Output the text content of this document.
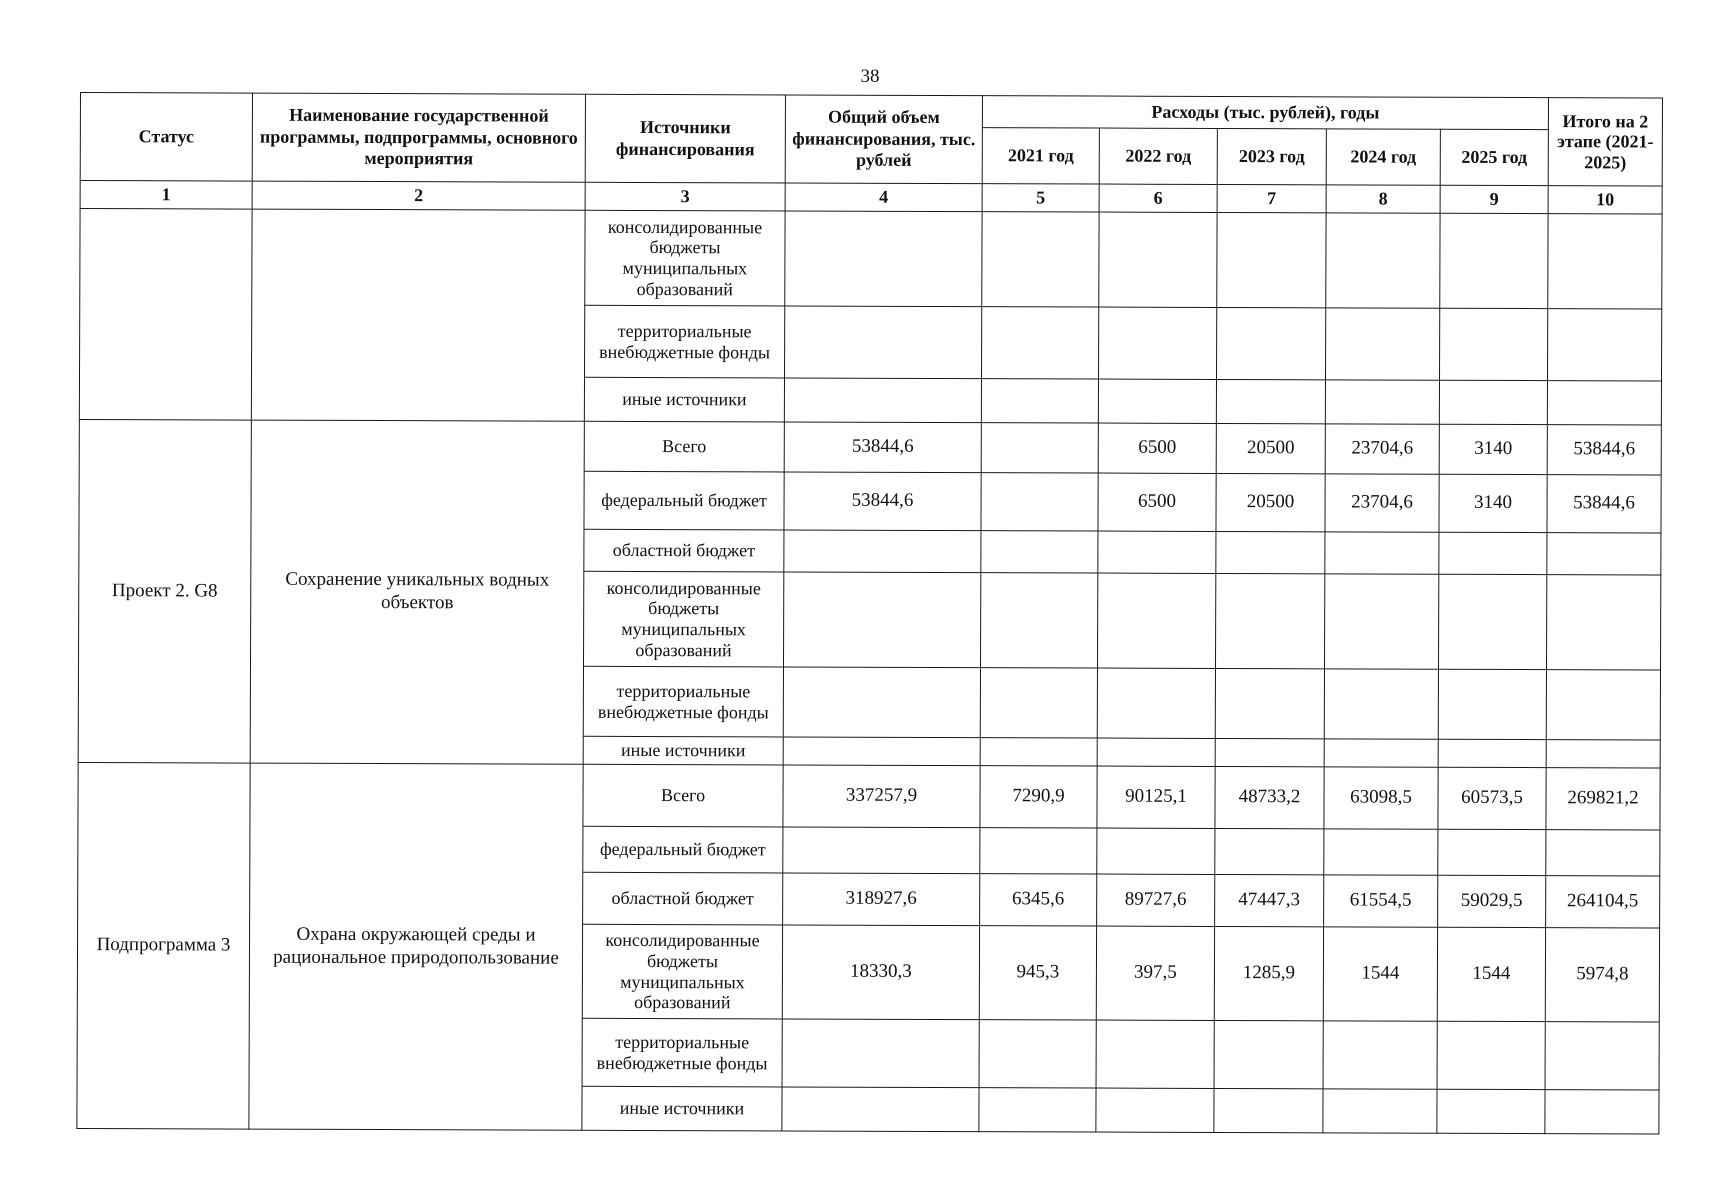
38
Статус	Наименование государственной программы, подпрограммы, основного мероприятия	Источники финансирования	Общий объем финансирования, тыс. рублей	Расходы (тыс. рублей), годы					Итого на 2 этапе (2021-2025)
				2021 год	2022 год	2023 год	2024 год	2025 год	
1	2	3	4	5	6	7	8	9	10
		консолидированные бюджеты муниципальных образований							
		территориальные внебюджетные фонды							
		иные источники							
Проект 2. G8	Сохранение уникальных водных объектов	Всего	53844,6		6500	20500	23704,6	3140	53844,6
		федеральный бюджет	53844,6		6500	20500	23704,6	3140	53844,6
		областной бюджет							
		консолидированные бюджеты муниципальных образований							
		территориальные внебюджетные фонды							
		иные источники							
Подпрограмма 3	Охрана окружающей среды и рациональное природопользование	Всего	337257,9	7290,9	90125,1	48733,2	63098,5	60573,5	269821,2
		федеральный бюджет							
		областной бюджет	318927,6	6345,6	89727,6	47447,3	61554,5	59029,5	264104,5
		консолидированные бюджеты муниципальных образований	18330,3	945,3	397,5	1285,9	1544	1544	5974,8
		территориальные внебюджетные фонды							
		иные источники							
